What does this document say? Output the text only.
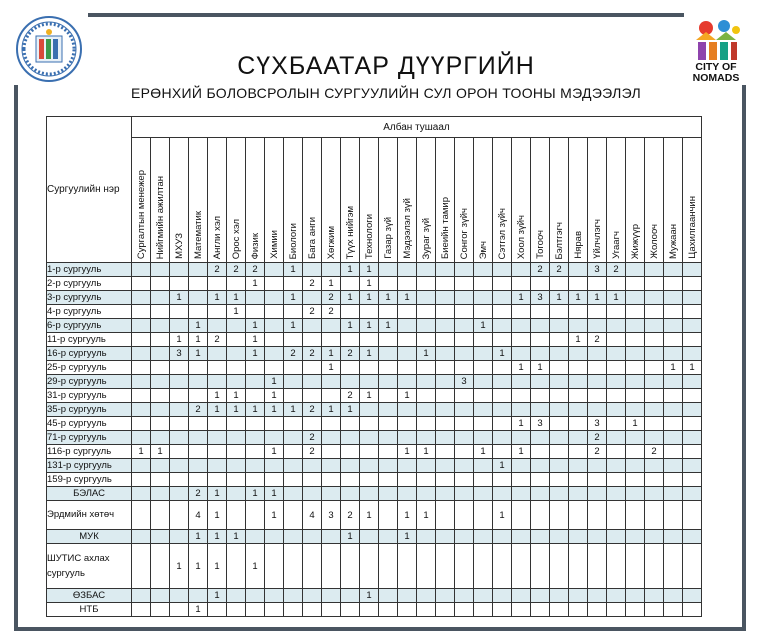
CITY OF NOMADS
СҮХБААТАР ДҮҮРГИЙН
ЕРӨНХИЙ БОЛОВСРОЛЫН СУРГУУЛИЙН СУЛ ОРОН ТООНЫ МЭДЭЭЛЭЛ
Сургуулийн нэр	Албан тушаал																													

	Сургалтын менежер	Нийгмийн ажилтан	МХУЗ	Математик	Англи хэл	Орос хэл	Физик	Химии	Биологи	Бага анги	Хөгжим	Түүх нийгэм	Технологи	Газар зүй	Мэдээлэл зүй	Зураг зүй	Биеийн тамир	Сонгог зүйч	Эмч	Сэтгэл зүйч	Хоол зүйч	Тогооч	Бэлтгэгч	Нярав	Үйлчлэгч	Угаагч	Жижүүр	Жолооч	Мужаан	Цахилгаанчин

1-р сургууль					2	2	2		1			1	1									2	2		3	2				
2-р сургууль							1			2	1		1																	
3-р сургууль			1		1	1			1		2	1	1	1	1						1	3	1	1	1	1				
4-р сургууль						1				2	2																			
6-р сургууль				1			1		1			1	1	1					1											
11-р сургууль			1	1	2		1																	1	2					
16-р сургууль			3	1			1		2	2	1	2	1			1				1										
25-р сургууль											1										1	1							1	1
29-р сургууль								1										3												
31-р сургууль					1	1		1				2	1		1															
35-р сургууль				2	1	1	1	1	1	2	1	1																		
45-р сургууль																					1	3			3		1			
71-р сургууль										2															2					
116-р сургууль	1	1						1		2					1	1			1		1				2			2		
131-р сургууль																				1										
159-р сургууль																														
БЭЛАС				2	1		1	1																						
Эрдмийн хөтөч				4	1			1		4	3	2	1		1	1				1										
МУК				1	1	1						1			1															
ШУТИС ахлах сургууль			1	1	1		1																							
ӨЗБАС					1								1																	
НТБ				1																										
